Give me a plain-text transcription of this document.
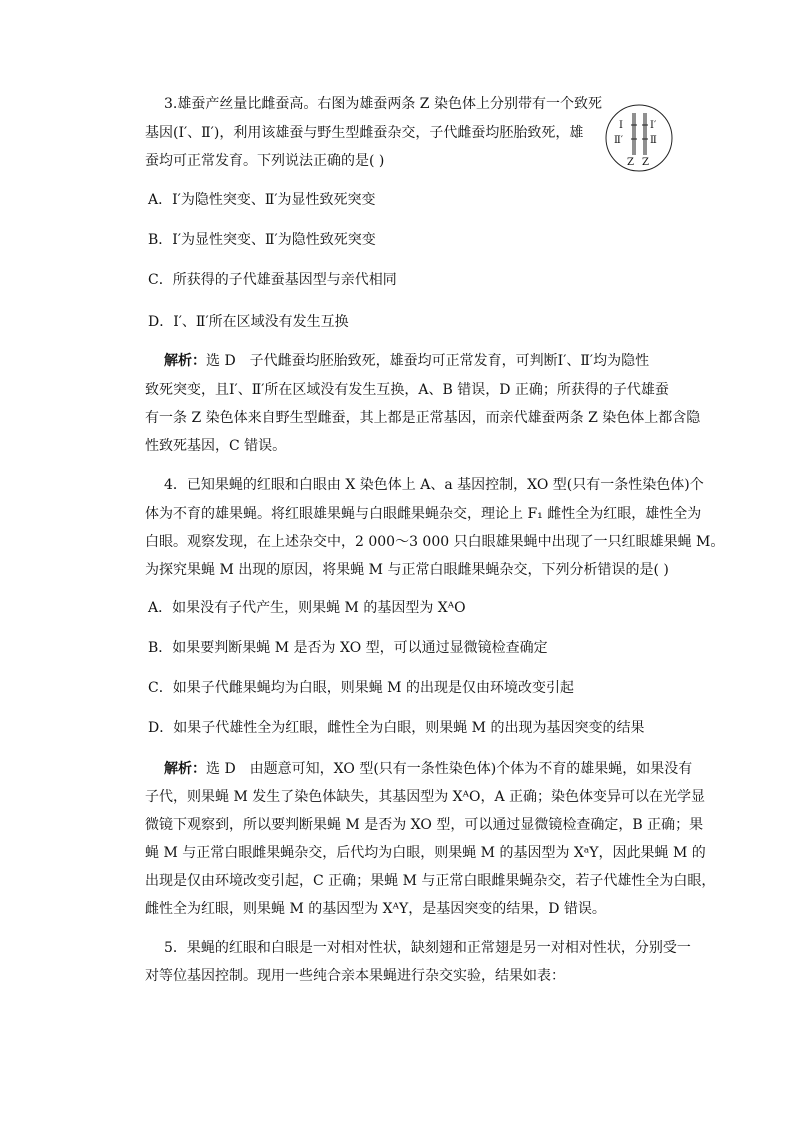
3.雄蚕产丝量比雌蚕高。右图为雄蚕两条 Z 染色体上分别带有一个致死
基因(Ⅰ′、Ⅱ′)，利用该雄蚕与野生型雌蚕杂交，子代雌蚕均胚胎致死，雄
蚕均可正常发育。下列说法正确的是( )
Ⅰ
Ⅱ′
Ⅰ′
Ⅱ
Z Z
A．Ⅰ′为隐性突变、Ⅱ′为显性致死突变
B．Ⅰ′为显性突变、Ⅱ′为隐性致死突变
C．所获得的子代雄蚕基因型与亲代相同
D．Ⅰ′、Ⅱ′所在区域没有发生互换
解析：选 D　子代雌蚕均胚胎致死，雄蚕均可正常发育，可判断Ⅰ′、Ⅱ′均为隐性
致死突变，且Ⅰ′、Ⅱ′所在区域没有发生互换，A、B 错误，D 正确；所获得的子代雄蚕
有一条 Z 染色体来自野生型雌蚕，其上都是正常基因，而亲代雄蚕两条 Z 染色体上都含隐
性致死基因，C 错误。
4．已知果蝇的红眼和白眼由 X 染色体上 A、a 基因控制，XO 型(只有一条性染色体)个
体为不育的雄果蝇。将红眼雄果蝇与白眼雌果蝇杂交，理论上 F₁ 雌性全为红眼，雄性全为
白眼。观察发现，在上述杂交中，2 000～3 000 只白眼雄果蝇中出现了一只红眼雄果蝇 M。
为探究果蝇 M 出现的原因，将果蝇 M 与正常白眼雌果蝇杂交，下列分析错误的是( )
A．如果没有子代产生，则果蝇 M 的基因型为 XᴬO
B．如果要判断果蝇 M 是否为 XO 型，可以通过显微镜检查确定
C．如果子代雌果蝇均为白眼，则果蝇 M 的出现是仅由环境改变引起
D．如果子代雄性全为红眼，雌性全为白眼，则果蝇 M 的出现为基因突变的结果
解析：选 D　由题意可知，XO 型(只有一条性染色体)个体为不育的雄果蝇，如果没有
子代，则果蝇 M 发生了染色体缺失，其基因型为 XᴬO，A 正确；染色体变异可以在光学显
微镜下观察到，所以要判断果蝇 M 是否为 XO 型，可以通过显微镜检查确定，B 正确；果
蝇 M 与正常白眼雌果蝇杂交，后代均为白眼，则果蝇 M 的基因型为 XᵃY，因此果蝇 M 的
出现是仅由环境改变引起，C 正确；果蝇 M 与正常白眼雌果蝇杂交，若子代雄性全为白眼，
雌性全为红眼，则果蝇 M 的基因型为 XᴬY，是基因突变的结果，D 错误。
5．果蝇的红眼和白眼是一对相对性状，缺刻翅和正常翅是另一对相对性状，分别受一
对等位基因控制。现用一些纯合亲本果蝇进行杂交实验，结果如表：
